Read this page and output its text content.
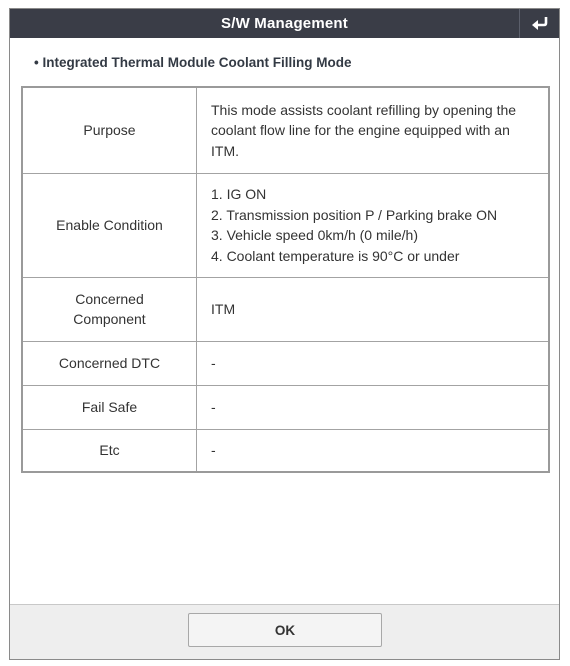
S/W Management
• Integrated Thermal Module Coolant Filling Mode
Purpose	This mode assists coolant refilling by opening the
coolant flow line for the engine equipped with an
ITM.

Enable Condition	1. IG ON
2. Transmission position P / Parking brake ON
3. Vehicle speed 0km/h (0 mile/h)
4. Coolant temperature is 90°C or under

Concerned
Component	ITM
Concerned DTC	-
Fail Safe	-
Etc	-
OK
